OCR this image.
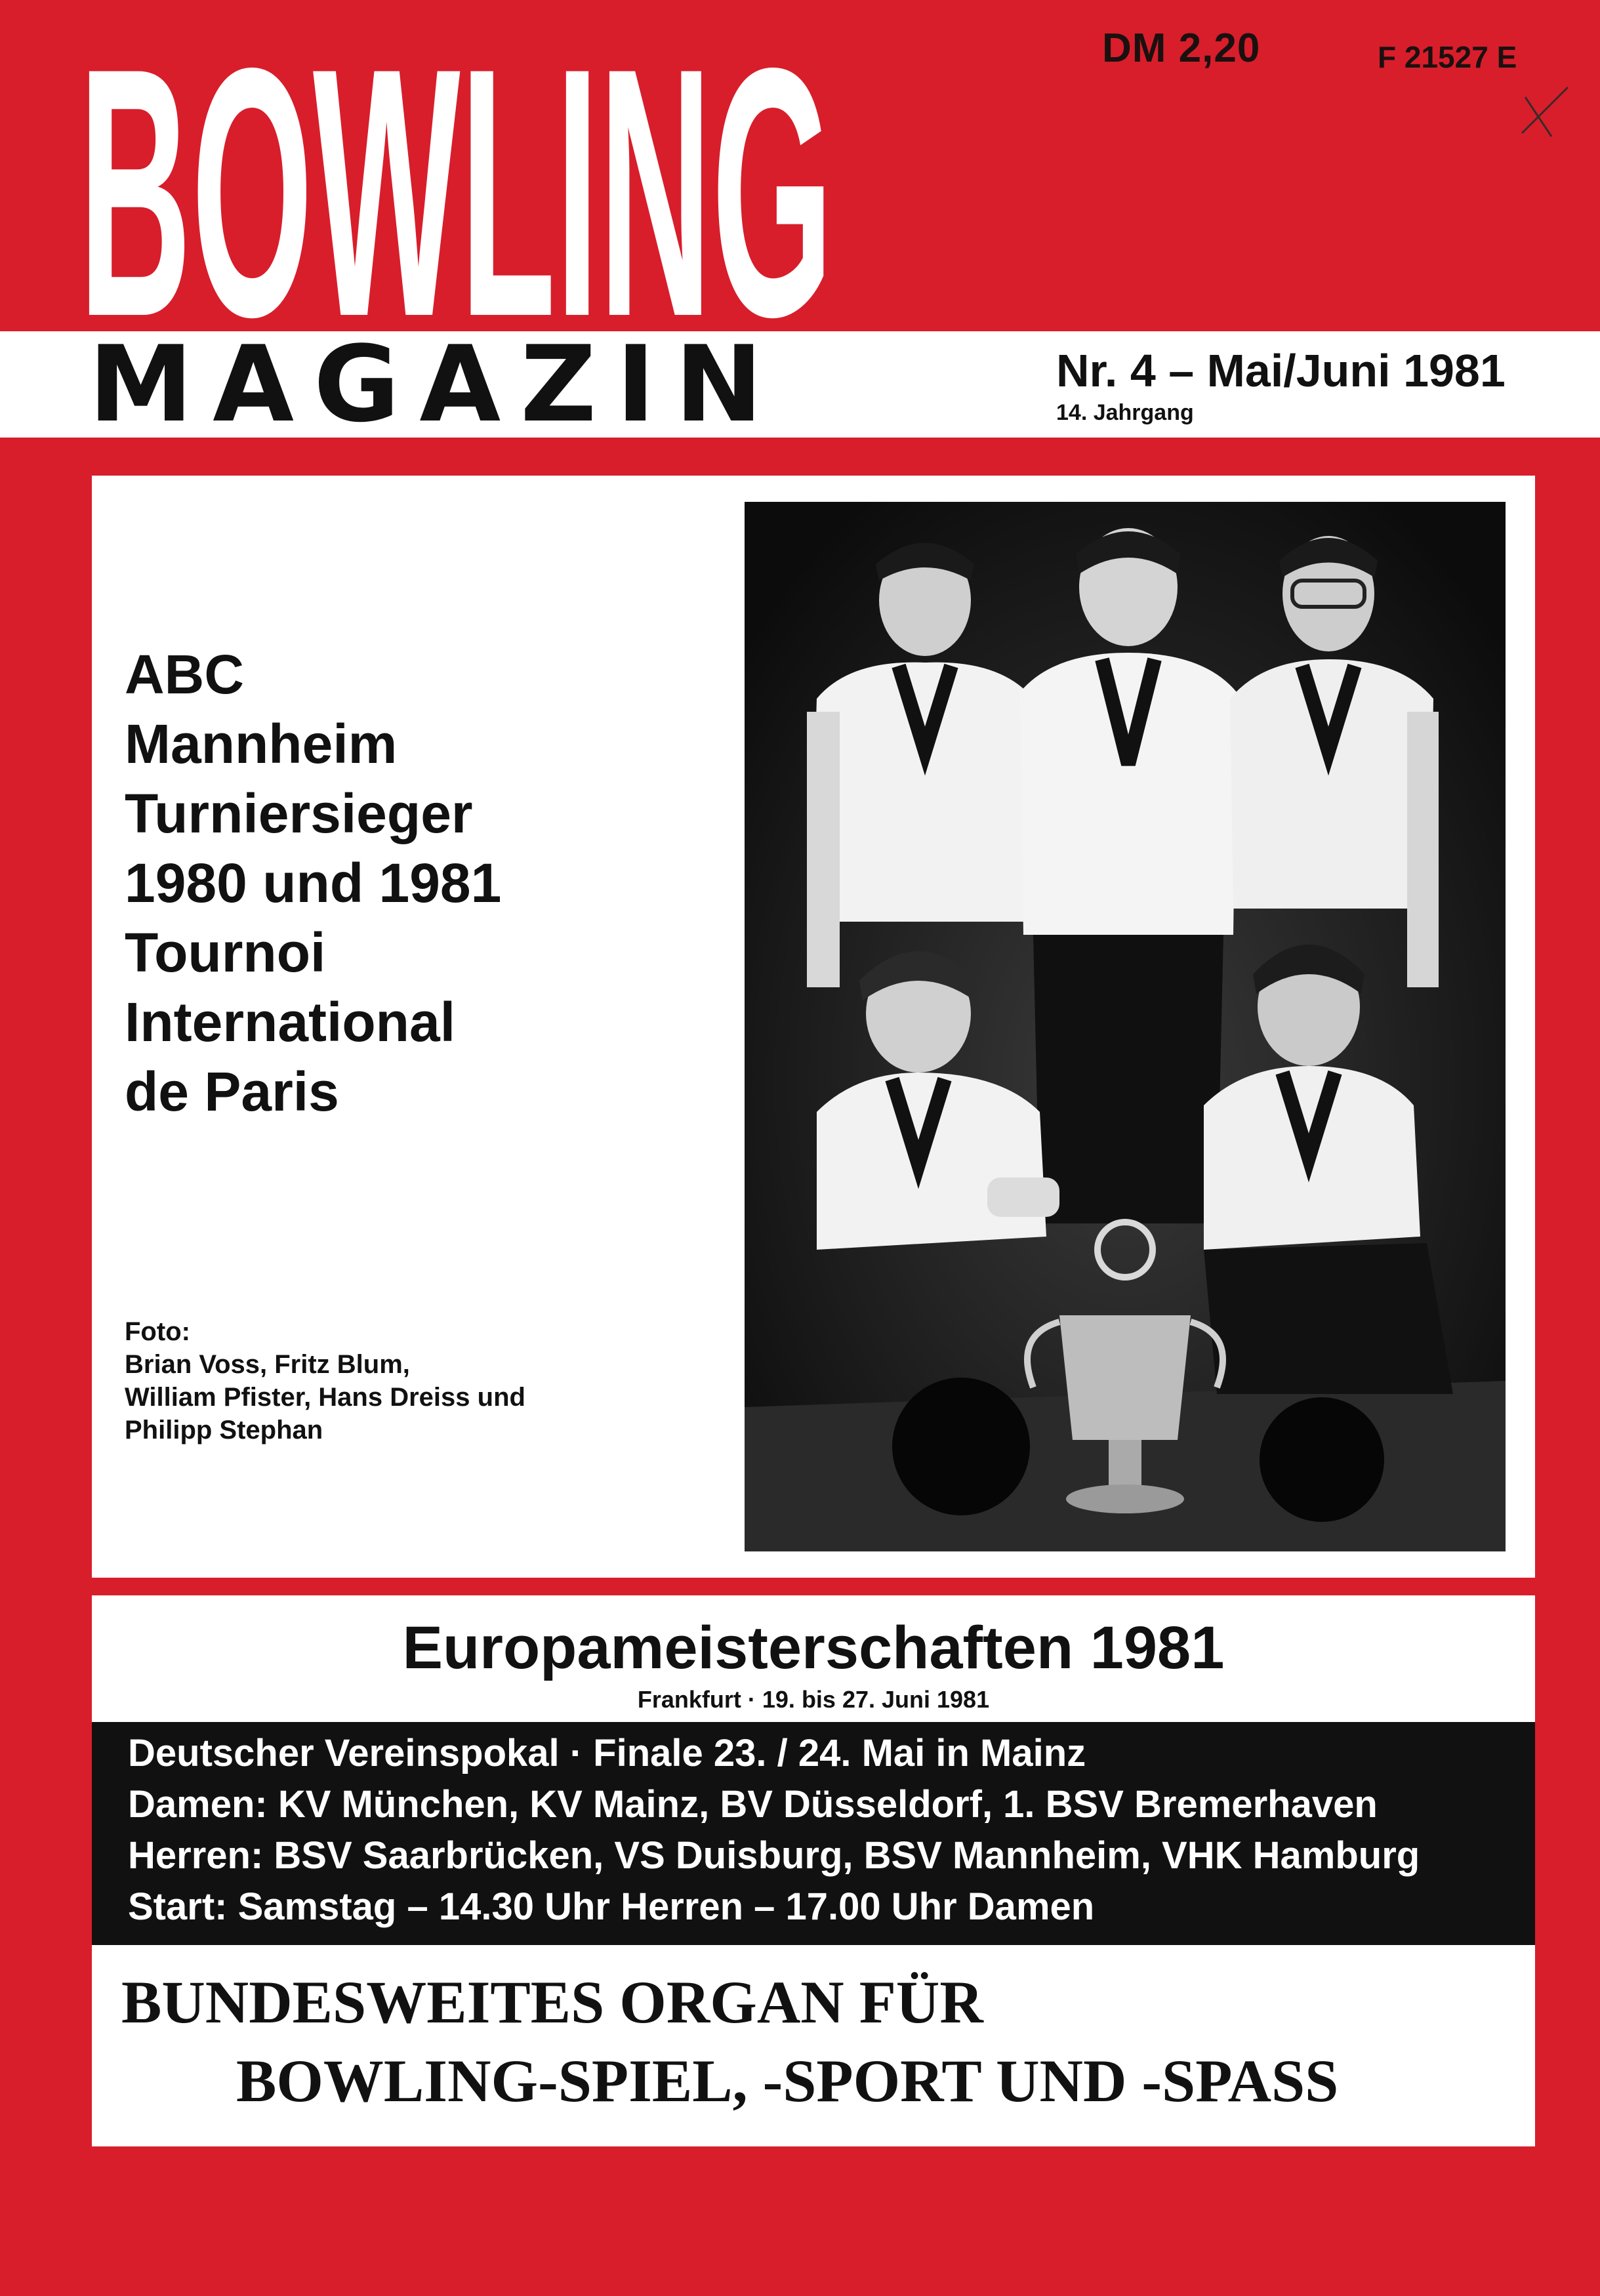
BOWLING	DM 2,20	F 21527 E
MAGAZIN	Nr. 4 – Mai/Juni 1981
14. Jahrgang
ABC
Mannheim
Turniersieger
1980 und 1981
Tournoi
International
de Paris
Foto:
Brian Voss, Fritz Blum,
William Pfister, Hans Dreiss und
Philipp Stephan
Europameisterschaften 1981
Frankfurt · 19. bis 27. Juni 1981
Deutscher Vereinspokal · Finale 23. / 24. Mai in Mainz
Damen: KV München, KV Mainz, BV Düsseldorf, 1. BSV Bremerhaven
Herren: BSV Saarbrücken, VS Duisburg, BSV Mannheim, VHK Hamburg
Start: Samstag – 14.30 Uhr Herren – 17.00 Uhr Damen
BUNDESWEITES ORGAN FÜR
BOWLING-SPIEL, -SPORT UND -SPASS
